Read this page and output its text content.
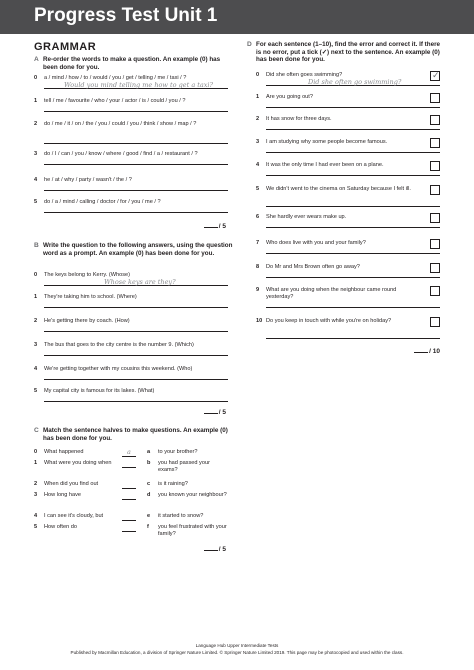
Progress Test Unit 1
GRAMMAR
A Re-order the words to make a question. An example (0) has been done for you.
0 a / mind / how / to / would / you / get / telling / me / taxi / ?
Would you mind telling me how to get a taxi?
1 tell / me / favourite / who / your / actor / is / could / you / ?
2 do / me / it / on / the / you / could / you / think / show / map / ?
3 do / I / can / you / know / where / good / find / a / restaurant / ?
4 he / at / why / party / wasn't / the / ?
5 do / a / mind / calling / doctor / for / you / me / ?
/ 5
B Write the question to the following answers, using the question word as a prompt. An example (0) has been done for you.
0 The keys belong to Kerry. (Whose)
Whose keys are they?
1 They're taking him to school. (Where)
2 He's getting there by coach. (How)
3 The bus that goes to the city centre is the number 9. (Which)
4 We're getting together with my cousins this weekend. (Who)
5 My capital city is famous for its lakes. (What)
/ 5
C Match the sentence halves to make questions. An example (0) has been done for you.
0 What happened	a
1 What were you doing when
2 When did you find out
3 How long have
4 I can see it's cloudy, but
5 How often do
a to your brother?
b you had passed your exams?
c is it raining?
d you known your neighbour?
e it started to snow?
f you feel frustrated with your family?
/ 5
D For each sentence (1–10), find the error and correct it. If there is no error, put a tick (✓) next to the sentence. An example (0) has been done for you.
0 Did she often goes swimming?	✓
Did she often go swimming?
1 Are you going out?
2 It has snow for three days.
3 I am studying why some people become famous.
4 It was the only time I had ever been on a plane.
5 We didn't went to the cinema on Saturday because I felt ill.
6 She hardly ever wears make up.
7 Who does live with you and your family?
8 Do Mr and Mrs Brown often go away?
9 What are you doing when the neighbour came round yesterday?
10 Do you keep in touch with while you're on holiday?
/ 10
Language Hub Upper Intermediate Tests
Published by Macmillan Education, a division of Springer Nature Limited. © Springer Nature Limited 2019. This page may be photocopied and used within the class.
